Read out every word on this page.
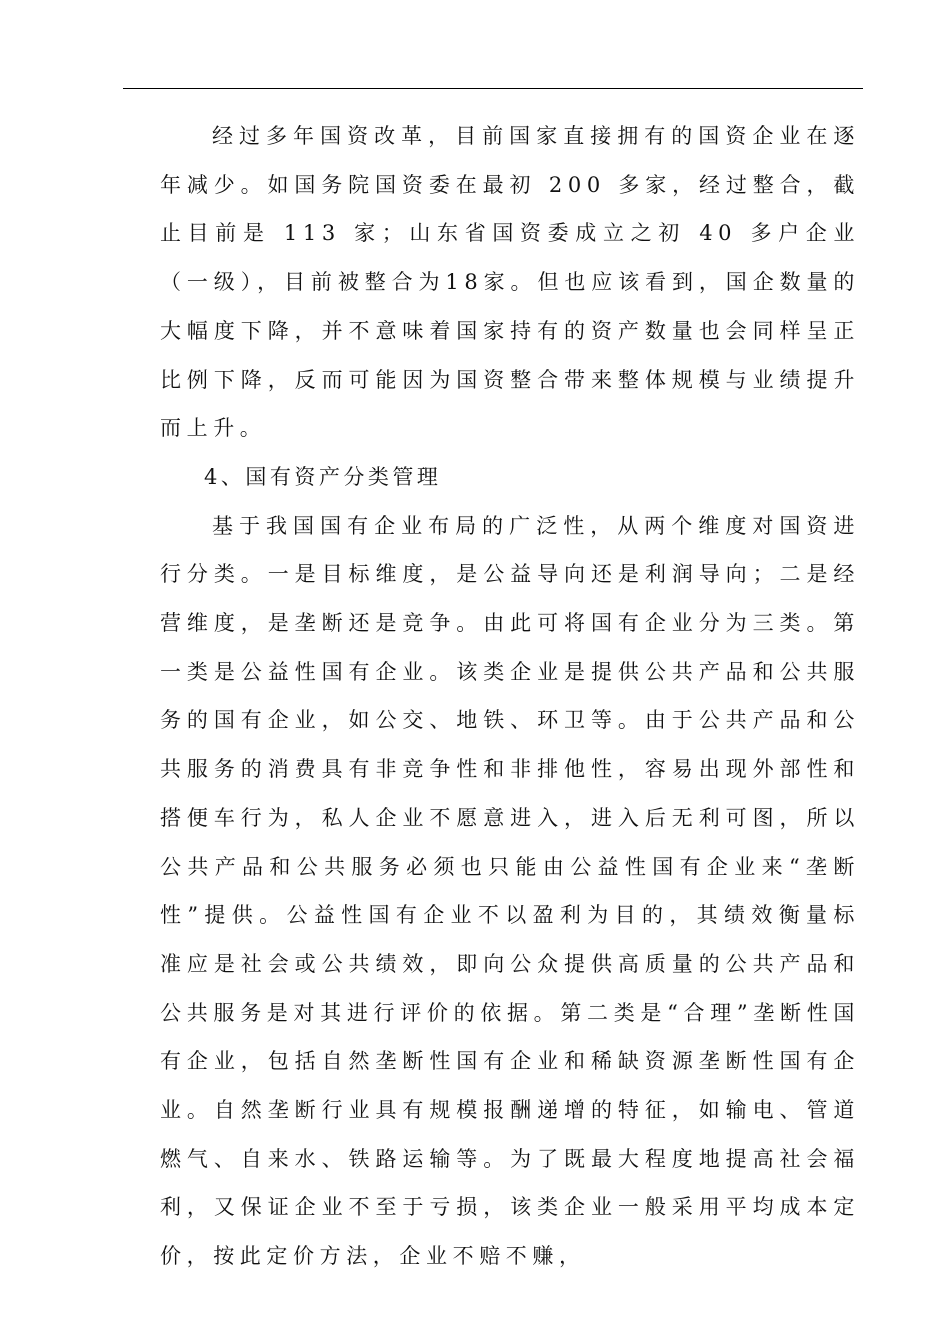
经过多年国资改革，目前国家直接拥有的国资企业在逐年减少。如国务院国资委在最初 200 多家，经过整合，截止目前是 113 家；山东省国资委成立之初 40 多户企业（一级），目前被整合为18家。但也应该看到，国企数量的大幅度下降，并不意味着国家持有的资产数量也会同样呈正比例下降，反而可能因为国资整合带来整体规模与业绩提升而上升。

4、国有资产分类管理

基于我国国有企业布局的广泛性，从两个维度对国资进行分类。一是目标维度，是公益导向还是利润导向；二是经营维度，是垄断还是竞争。由此可将国有企业分为三类。第一类是公益性国有企业。该类企业是提供公共产品和公共服务的国有企业，如公交、地铁、环卫等。由于公共产品和公共服务的消费具有非竞争性和非排他性，容易出现外部性和搭便车行为，私人企业不愿意进入，进入后无利可图，所以公共产品和公共服务必须也只能由公益性国有企业来“垄断性”提供。公益性国有企业不以盈利为目的，其绩效衡量标准应是社会或公共绩效，即向公众提供高质量的公共产品和公共服务是对其进行评价的依据。第二类是“合理”垄断性国有企业，包括自然垄断性国有企业和稀缺资源垄断性国有企业。自然垄断行业具有规模报酬递增的特征，如输电、管道燃气、自来水、铁路运输等。为了既最大程度地提高社会福利，又保证企业不至于亏损，该类企业一般采用平均成本定价，按此定价方法，企业不赔不赚，
